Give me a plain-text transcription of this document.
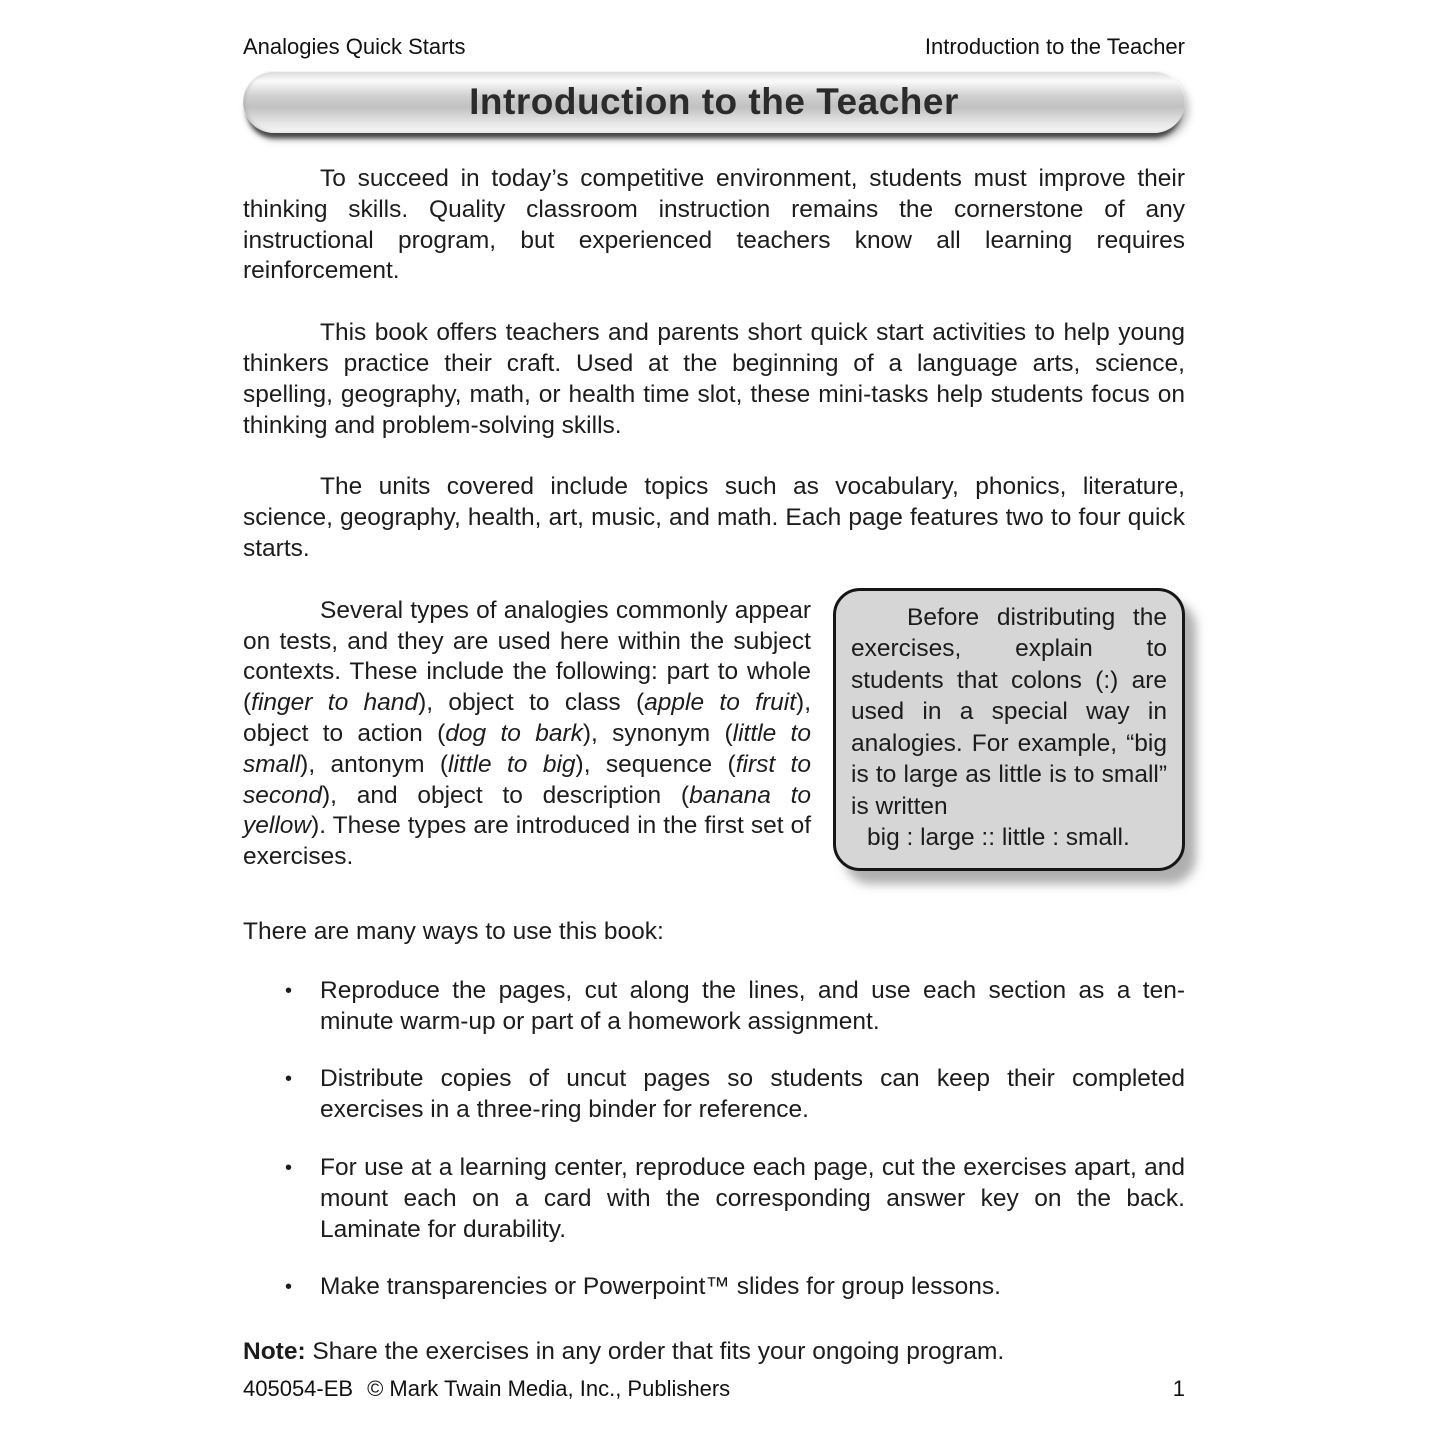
Analogies Quick Starts	Introduction to the Teacher
Introduction to the Teacher

To succeed in today’s competitive environment, students must improve their thinking skills. Quality classroom instruction remains the cornerstone of any instructional program, but experienced teachers know all learning requires reinforcement.

This book offers teachers and parents short quick start activities to help young thinkers practice their craft. Used at the beginning of a language arts, science, spelling, geography, math, or health time slot, these mini-tasks help students focus on thinking and problem-solving skills.

The units covered include topics such as vocabulary, phonics, literature, science, geography, health, art, music, and math. Each page features two to four quick starts.

Before distributing the exercises, explain to students that colons (:) are used in a special way in analogies. For example, “big is to large as little is to small” is written

big : large :: little : small.

Several types of analogies commonly appear on tests, and they are used here within the subject contexts. These include the following: part to whole (finger to hand), object to class (apple to fruit), object to action (dog to bark), synonym (little to small), antonym (little to big), sequence (first to second), and object to description (banana to yellow). These types are introduced in the first set of exercises.

There are many ways to use this book:

•	Reproduce the pages, cut along the lines, and use each section as a ten-minute warm-up or part of a homework assignment.
•	Distribute copies of uncut pages so students can keep their completed exercises in a three-ring binder for reference.
•	For use at a learning center, reproduce each page, cut the exercises apart, and mount each on a card with the corresponding answer key on the back. Laminate for durability.
•	Make transparencies or Powerpoint™ slides for group lessons.

Note: Share the exercises in any order that fits your ongoing program.

405054-EB © Mark Twain Media, Inc., Publishers	1
